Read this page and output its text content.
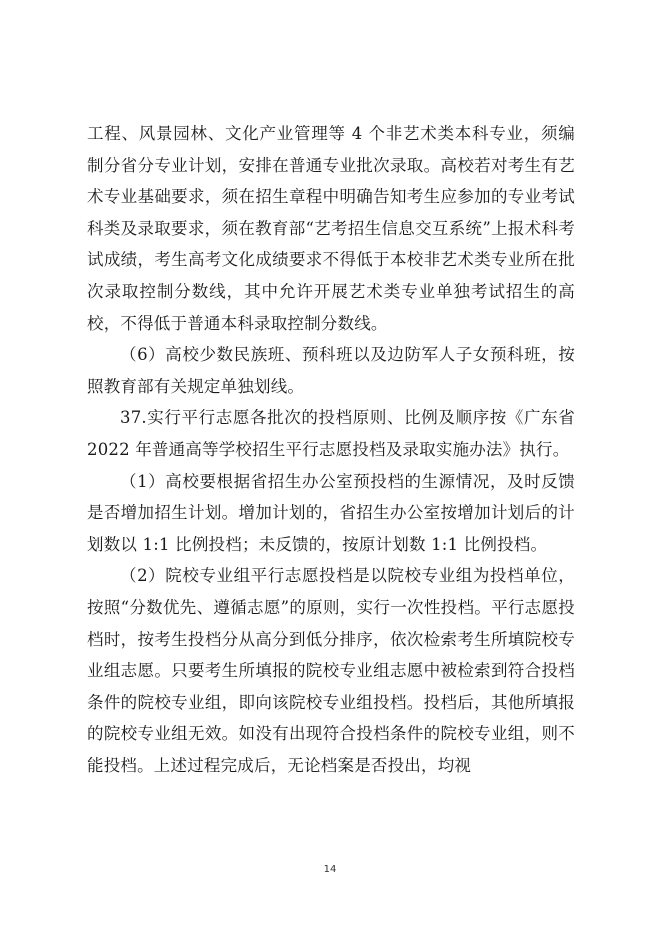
工程、风景园林、文化产业管理等 4 个非艺术类本科专业，须编制分省分专业计划，安排在普通专业批次录取。高校若对考生有艺术专业基础要求，须在招生章程中明确告知考生应参加的专业考试科类及录取要求，须在教育部“艺考招生信息交互系统”上报术科考试成绩，考生高考文化成绩要求不得低于本校非艺术类专业所在批次录取控制分数线，其中允许开展艺术类专业单独考试招生的高校，不得低于普通本科录取控制分数线。

（6）高校少数民族班、预科班以及边防军人子女预科班，按照教育部有关规定单独划线。

37.实行平行志愿各批次的投档原则、比例及顺序按《广东省 2022 年普通高等学校招生平行志愿投档及录取实施办法》执行。

（1）高校要根据省招生办公室预投档的生源情况，及时反馈是否增加招生计划。增加计划的，省招生办公室按增加计划后的计划数以 1:1 比例投档；未反馈的，按原计划数 1:1 比例投档。

（2）院校专业组平行志愿投档是以院校专业组为投档单位，按照“分数优先、遵循志愿”的原则，实行一次性投档。平行志愿投档时，按考生投档分从高分到低分排序，依次检索考生所填院校专业组志愿。只要考生所填报的院校专业组志愿中被检索到符合投档条件的院校专业组，即向该院校专业组投档。投档后，其他所填报的院校专业组无效。如没有出现符合投档条件的院校专业组，则不能投档。上述过程完成后，无论档案是否投出，均视

14
